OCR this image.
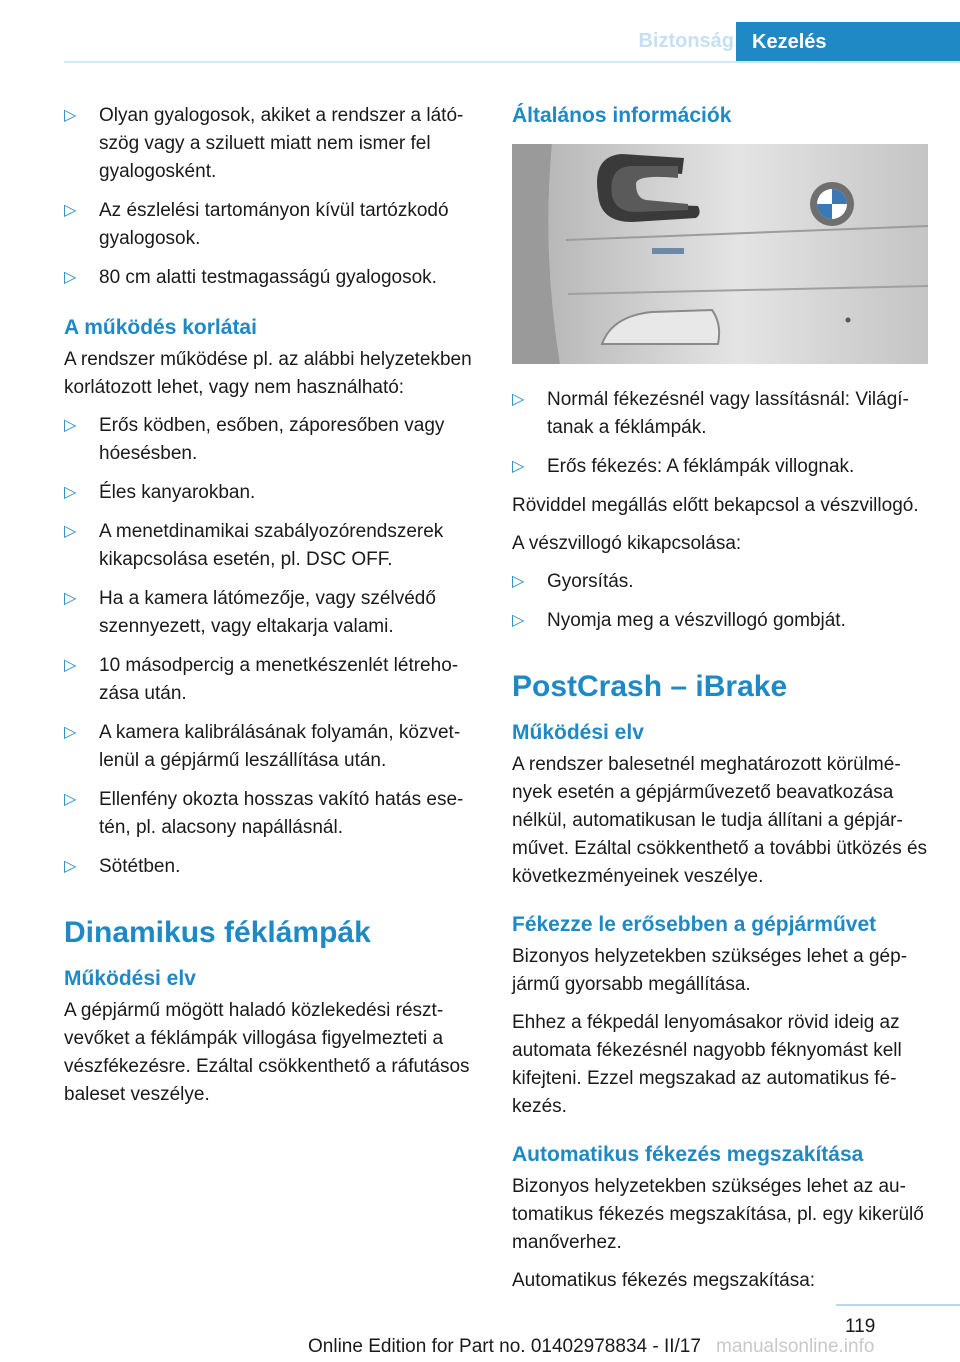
Biztonság Kezelés
▷ Olyan gyalogosok, akiket a rendszer a látószög vagy a sziluett miatt nem ismer fel gyalogosként.
▷ Az észlelési tartományon kívül tartózkodó gyalogosok.
▷ 80 cm alatti testmagasságú gyalogosok.
A működés korlátai

A rendszer működése pl. az alábbi helyzetekben korlátozott lehet, vagy nem használható:

▷ Erős ködben, esőben, záporesőben vagy hóesésben.
▷ Éles kanyarokban.
▷ A menetdinamikai szabályozórendszerek kikapcsolása esetén, pl. DSC OFF.
▷ Ha a kamera látómezője, vagy szélvédő szennyezett, vagy eltakarja valami.
▷ 10 másodpercig a menetkészenlét létrehozása után.
▷ A kamera kalibrálásának folyamán, közvetlenül a gépjármű leszállítása után.
▷ Ellenfény okozta hosszas vakító hatás esetén, pl. alacsony napállásnál.
▷ Sötétben.
Dinamikus féklámpák
Működési elv

A gépjármű mögött haladó közlekedési résztvevőket a féklámpák villogása figyelmezteti a vészfékezésre. Ezáltal csökkenthető a ráfutásos baleset veszélye.

Általános információk
▷ Normál fékezésnél vagy lassításnál: Világítanak a féklámpák.
▷ Erős fékezés: A féklámpák villognak.

Röviddel megállás előtt bekapcsol a vészvillogó.

A vészvillogó kikapcsolása:

▷ Gyorsítás.
▷ Nyomja meg a vészvillogó gombját.
PostCrash – iBrake
Működési elv

A rendszer balesetnél meghatározott körülmények esetén a gépjárművezető beavatkozása nélkül, automatikusan le tudja állítani a gépjárművet. Ezáltal csökkenthető a további ütközés és következményeinek veszélye.

Fékezze le erősebben a gépjárművet

Bizonyos helyzetekben szükséges lehet a gépjármű gyorsabb megállítása.

Ehhez a fékpedál lenyomásakor rövid ideig az automata fékezésnél nagyobb féknyomást kell kifejteni. Ezzel megszakad az automatikus fékezés.

Automatikus fékezés megszakítása

Bizonyos helyzetekben szükséges lehet az automatikus fékezés megszakítása, pl. egy kikerülő manőverhez.

Automatikus fékezés megszakítása:

119
Online Edition for Part no. 01402978834 - II/17 manualsonline.info
